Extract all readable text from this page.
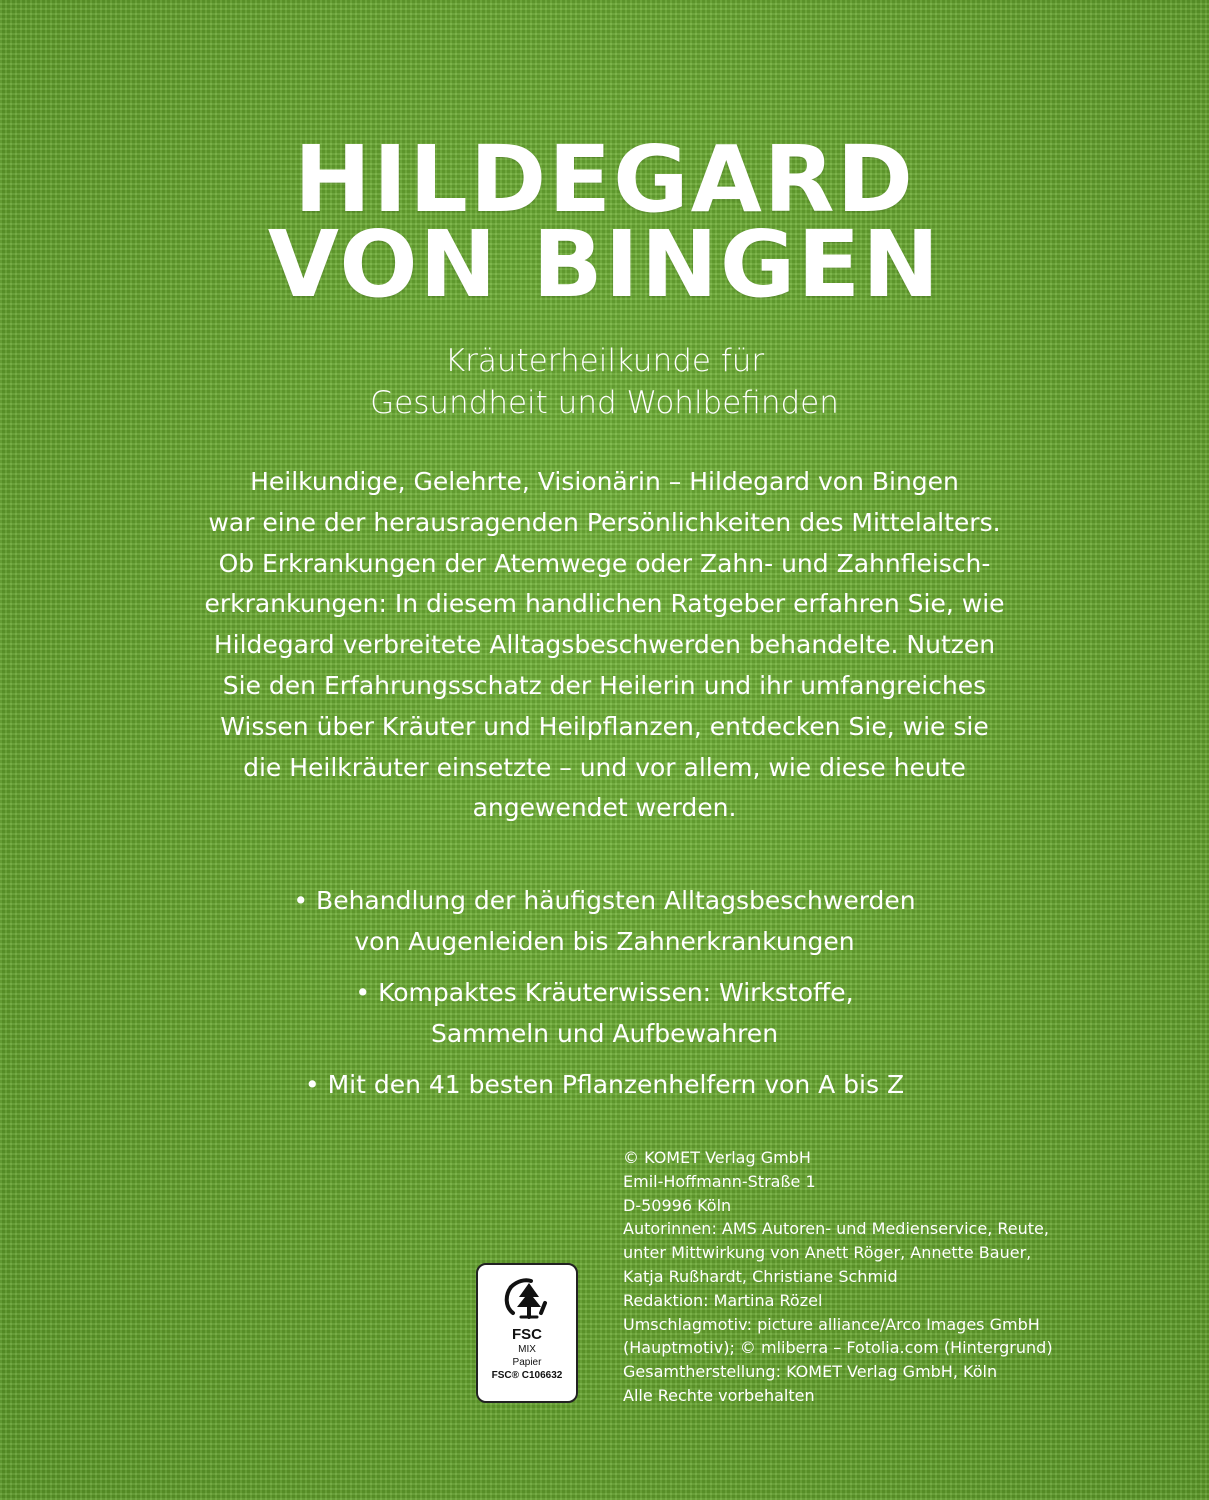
HILDEGARD
VON BINGEN
Kräuterheilkunde für
Gesundheit und Wohlbefinden
Heilkundige, Gelehrte, Visionärin – Hildegard von Bingen
war eine der herausragenden Persönlichkeiten des Mittelalters.
Ob Erkrankungen der Atemwege oder Zahn- und Zahnfleisch-
erkrankungen: In diesem handlichen Ratgeber erfahren Sie, wie
Hildegard verbreitete Alltagsbeschwerden behandelte. Nutzen
Sie den Erfahrungsschatz der Heilerin und ihr umfangreiches
Wissen über Kräuter und Heilpflanzen, entdecken Sie, wie sie
die Heilkräuter einsetzte – und vor allem, wie diese heute
angewendet werden.
• Behandlung der häufigsten Alltagsbeschwerden
von Augenleiden bis Zahnerkrankungen
• Kompaktes Kräuterwissen: Wirkstoffe,
Sammeln und Aufbewahren
• Mit den 41 besten Pflanzenhelfern von A bis Z
FSC
MIX
Papier
FSC® C106632
© KOMET Verlag GmbH
Emil-Hoffmann-Straße 1
D-50996 Köln
Autorinnen: AMS Autoren- und Medienservice, Reute,
unter Mittwirkung von Anett Röger, Annette Bauer,
Katja Rußhardt, Christiane Schmid
Redaktion: Martina Rözel
Umschlagmotiv: picture alliance/Arco Images GmbH
(Hauptmotiv); © mliberra – Fotolia.com (Hintergrund)
Gesamtherstellung: KOMET Verlag GmbH, Köln
Alle Rechte vorbehalten
